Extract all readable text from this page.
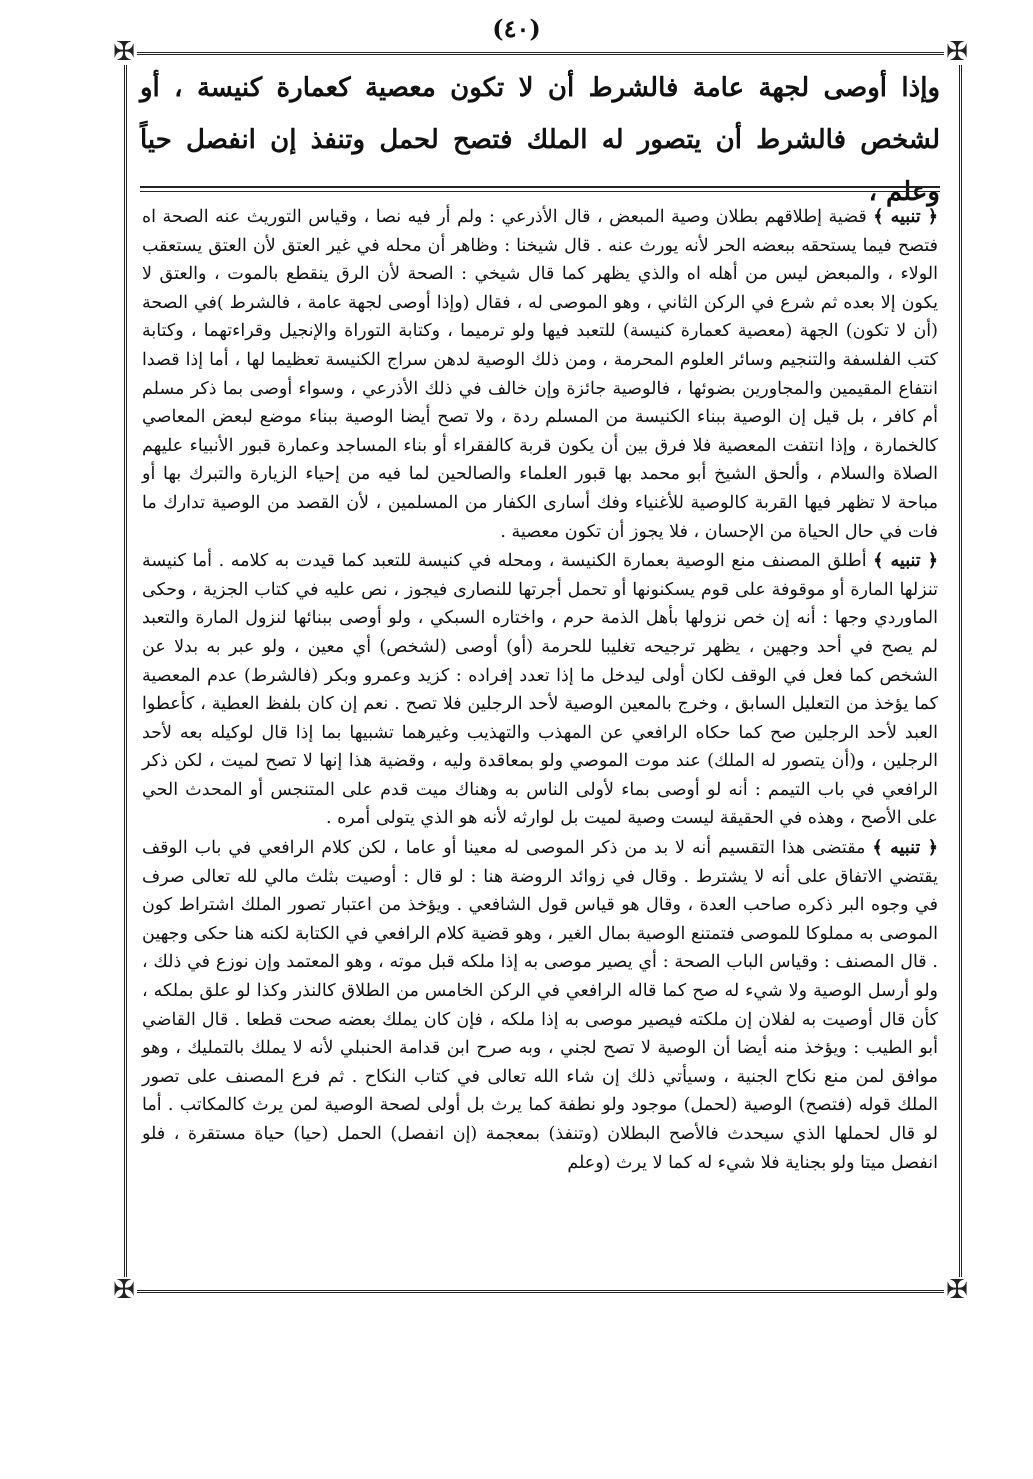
(٤٠)
✠	✠
✠	✠
وإذا أوصى لجهة عامة فالشرط أن لا تكون معصية كعمارة كنيسة ، أو لشخص فالشرط أن يتصور له الملك فتصح لحمل وتنفذ إن انفصل حياً وعلم ،

﴿ تنبيه ﴾ قضية إطلاقهم بطلان وصية المبعض ، قال الأذرعي : ولم أر فيه نصا ، وقياس التوريث عنه الصحة اه فتصح فيما يستحقه ببعضه الحر لأنه يورث عنه . قال شيخنا : وظاهر أن محله في غير العتق لأن العتق يستعقب الولاء ، والمبعض ليس من أهله اه والذي يظهر كما قال شيخي : الصحة لأن الرق ينقطع بالموت ، والعتق لا يكون إلا بعده ثم شرع في الركن الثاني ، وهو الموصى له ، فقال (وإذا أوصى لجهة عامة ، فالشرط )في الصحة (أن لا تكون) الجهة (معصية كعمارة كنيسة) للتعبد فيها ولو ترميما ، وكتابة التوراة والإنجيل وقراءتهما ، وكتابة كتب الفلسفة والتنجيم وسائر العلوم المحرمة ، ومن ذلك الوصية لدهن سراج الكنيسة تعظيما لها ، أما إذا قصدا انتفاع المقيمين والمجاورين بضوئها ، فالوصية جائزة وإن خالف في ذلك الأذرعي ، وسواء أوصى بما ذكر مسلم أم كافر ، بل قيل إن الوصية ببناء الكنيسة من المسلم ردة ، ولا تصح أيضا الوصية ببناء موضع لبعض المعاصي كالخمارة ، وإذا انتفت المعصية فلا فرق بين أن يكون قربة كالفقراء أو بناء المساجد وعمارة قبور الأنبياء عليهم الصلاة والسلام ، وألحق الشيخ أبو محمد بها قبور العلماء والصالحين لما فيه من إحياء الزيارة والتبرك بها أو مباحة لا تظهر فيها القربة كالوصية للأغنياء وفك أسارى الكفار من المسلمين ، لأن القصد من الوصية تدارك ما فات في حال الحياة من الإحسان ، فلا يجوز أن تكون معصية .

﴿ تنبيه ﴾ أطلق المصنف منع الوصية بعمارة الكنيسة ، ومحله في كنيسة للتعبد كما قيدت به كلامه . أما كنيسة تنزلها المارة أو موقوفة على قوم يسكنونها أو تحمل أجرتها للنصارى فيجوز ، نص عليه في كتاب الجزية ، وحكى الماوردي وجها : أنه إن خص نزولها بأهل الذمة حرم ، واختاره السبكي ، ولو أوصى ببنائها لنزول المارة والتعبد لم يصح في أحد وجهين ، يظهر ترجيحه تغليبا للحرمة (أو) أوصى (لشخص) أي معين ، ولو عبر به بدلا عن الشخص كما فعل في الوقف لكان أولى ليدخل ما إذا تعدد إفراده : كزيد وعمرو وبكر (فالشرط) عدم المعصية كما يؤخذ من التعليل السابق ، وخرج بالمعين الوصية لأحد الرجلين فلا تصح . نعم إن كان بلفظ العطية ، كأعطوا العبد لأحد الرجلين صح كما حكاه الرافعي عن المهذب والتهذيب وغيرهما تشبيها بما إذا قال لوكيله بعه لأحد الرجلين ، و(أن يتصور له الملك) عند موت الموصي ولو بمعاقدة وليه ، وقضية هذا إنها لا تصح لميت ، لكن ذكر الرافعي في باب التيمم : أنه لو أوصى بماء لأولى الناس به وهناك ميت قدم على المتنجس أو المحدث الحي على الأصح ، وهذه في الحقيقة ليست وصية لميت بل لوارثه لأنه هو الذي يتولى أمره .

﴿ تنبيه ﴾ مقتضى هذا التقسيم أنه لا بد من ذكر الموصى له معينا أو عاما ، لكن كلام الرافعي في باب الوقف يقتضي الاتفاق على أنه لا يشترط . وقال في زوائد الروضة هنا : لو قال : أوصيت بثلث مالي لله تعالى صرف في وجوه البر ذكره صاحب العدة ، وقال هو قياس قول الشافعي . ويؤخذ من اعتبار تصور الملك اشتراط كون الموصى به مملوكا للموصى فتمتنع الوصية بمال الغير ، وهو قضية كلام الرافعي في الكتابة لكنه هنا حكى وجهين . قال المصنف : وقياس الباب الصحة : أي يصير موصى به إذا ملكه قبل موته ، وهو المعتمد وإن نوزع في ذلك ، ولو أرسل الوصية ولا شيء له صح كما قاله الرافعي في الركن الخامس من الطلاق كالنذر وكذا لو علق بملكه ، كأن قال أوصيت به لفلان إن ملكته فيصير موصى به إذا ملكه ، فإن كان يملك بعضه صحت قطعا . قال القاضي أبو الطيب : ويؤخذ منه أيضا أن الوصية لا تصح لجني ، وبه صرح ابن قدامة الحنبلي لأنه لا يملك بالتمليك ، وهو موافق لمن منع نكاح الجنية ، وسيأتي ذلك إن شاء الله تعالى في كتاب النكاح . ثم فرع المصنف على تصور الملك قوله (فتصح) الوصية (لحمل) موجود ولو نطفة كما يرث بل أولى لصحة الوصية لمن يرث كالمكاتب . أما لو قال لحملها الذي سيحدث فالأصح البطلان (وتنفذ) بمعجمة (إن انفصل) الحمل (حيا) حياة مستقرة ، فلو انفصل ميتا ولو بجناية فلا شيء له كما لا يرث (وعلم
